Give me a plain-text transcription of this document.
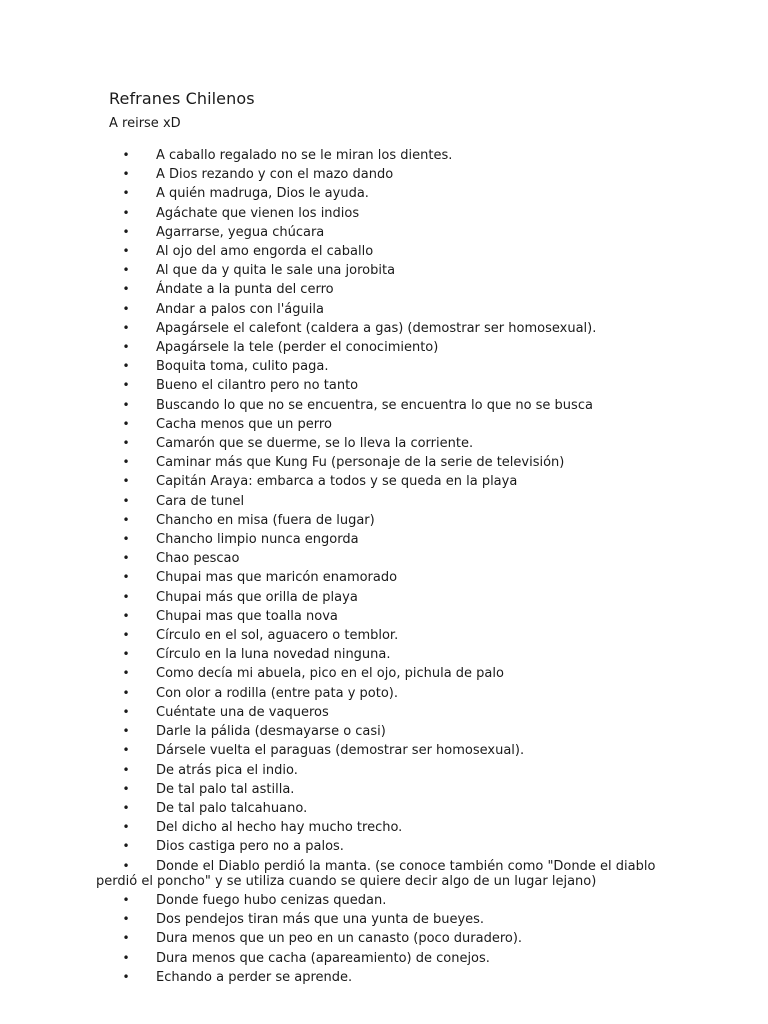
Refranes Chilenos

A reirse xD

•	A caballo regalado no se le miran los dientes.
•	A Dios rezando y con el mazo dando
•	A quién madruga, Dios le ayuda.
•	Agáchate que vienen los indios
•	Agarrarse, yegua chúcara
•	Al ojo del amo engorda el caballo
•	Al que da y quita le sale una jorobita
•	Ándate a la punta del cerro
•	Andar a palos con l'águila
•	Apagársele el calefont (caldera a gas) (demostrar ser homosexual).
•	Apagársele la tele (perder el conocimiento)
•	Boquita toma, culito paga.
•	Bueno el cilantro pero no tanto
•	Buscando lo que no se encuentra, se encuentra lo que no se busca
•	Cacha menos que un perro
•	Camarón que se duerme, se lo lleva la corriente.
•	Caminar más que Kung Fu (personaje de la serie de televisión)
•	Capitán Araya: embarca a todos y se queda en la playa
•	Cara de tunel
•	Chancho en misa (fuera de lugar)
•	Chancho limpio nunca engorda
•	Chao pescao
•	Chupai mas que maricón enamorado
•	Chupai más que orilla de playa
•	Chupai mas que toalla nova
•	Círculo en el sol, aguacero o temblor.
•	Círculo en la luna novedad ninguna.
•	Como decía mi abuela, pico en el ojo, pichula de palo
•	Con olor a rodilla (entre pata y poto).
•	Cuéntate una de vaqueros
•	Darle la pálida (desmayarse o casi)
•	Dársele vuelta el paraguas (demostrar ser homosexual).
•	De atrás pica el indio.
•	De tal palo tal astilla.
•	De tal palo talcahuano.
•	Del dicho al hecho hay mucho trecho.
•	Dios castiga pero no a palos.
• Donde el Diablo perdió la manta. (se conoce también como "Donde el diablo perdió el poncho" y se utiliza cuando se quiere decir algo de un lugar lejano)
•	Donde fuego hubo cenizas quedan.
•	Dos pendejos tiran más que una yunta de bueyes.
•	Dura menos que un peo en un canasto (poco duradero).
•	Dura menos que cacha (apareamiento) de conejos.
•	Echando a perder se aprende.
